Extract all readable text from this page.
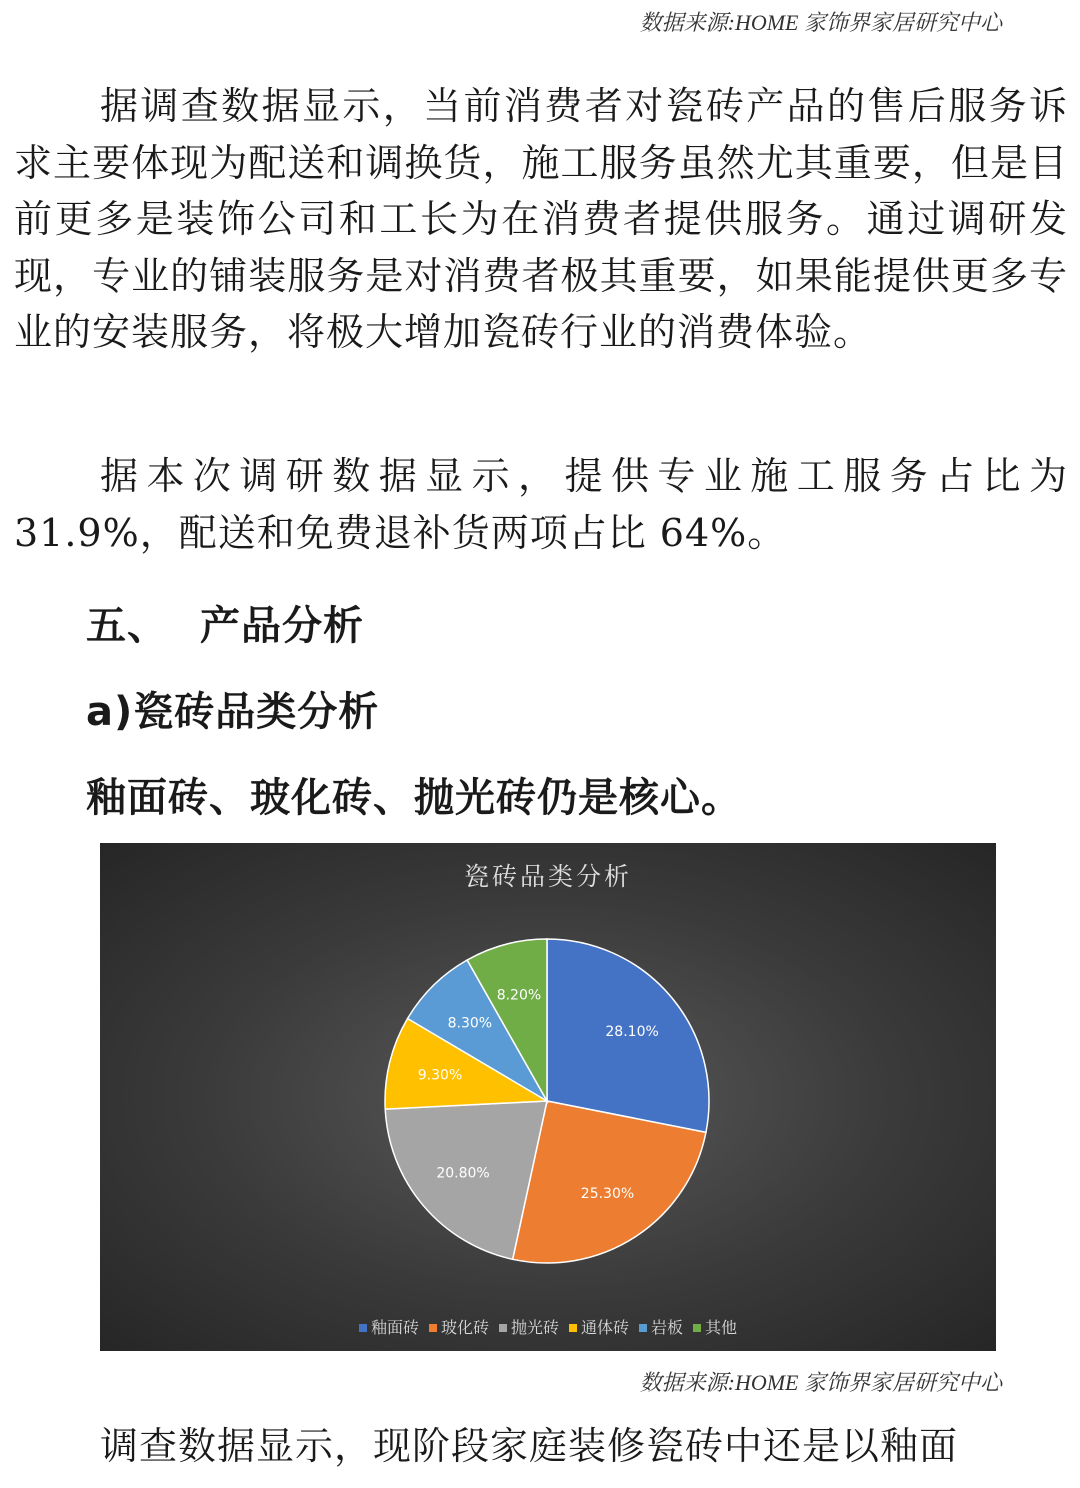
数据来源:HOME 家饰界家居研究中心

据调查数据显示，当前消费者对瓷砖产品的售后服务诉求主要体现为配送和调换货，施工服务虽然尤其重要，但是目前更多是装饰公司和工长为在消费者提供服务。通过调研发现，专业的铺装服务是对消费者极其重要，如果能提供更多专业的安装服务，将极大增加瓷砖行业的消费体验。

据本次调研数据显示，提供专业施工服务占比为31.9%，配送和免费退补货两项占比 64%。

五、 产品分析
a)瓷砖品类分析
釉面砖、玻化砖、抛光砖仍是核心。
瓷砖品类分析
28.10%
25.30%
20.80%
9.30%
8.30%
8.20%
釉面砖 玻化砖 抛光砖 通体砖 岩板 其他
数据来源:HOME 家饰界家居研究中心

调查数据显示，现阶段家庭装修瓷砖中还是以釉面
